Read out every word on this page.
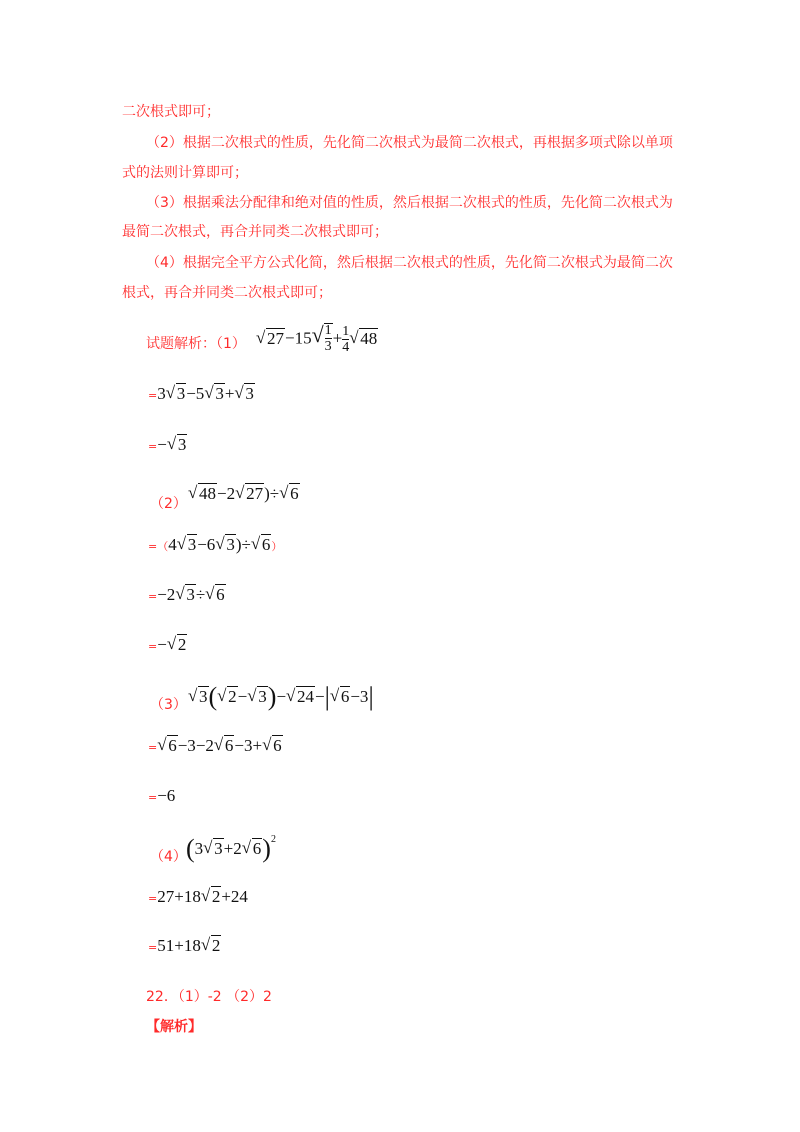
二次根式即可；
（2）根据二次根式的性质，先化简二次根式为最简二次根式，再根据多项式除以单项
式的法则计算即可；
（3）根据乘法分配律和绝对值的性质，然后根据二次根式的性质，先化简二次根式为
最简二次根式，再合并同类二次根式即可；
（4）根据完全平方公式化简，然后根据二次根式的性质，先化简二次根式为最简二次
根式，再合并同类二次根式即可；
试题解析：（1）	√ 27−15 √ $\frac{1}{3} + \frac{1}{4}$ √ 48
=3 √ 3−5 √ 3+ √ 3
=− √ 3
（2）
√ 48−2 √ 27)÷ √ 6
=（4 √ 3−6 √ 3)÷ √ 6）
=−2 √ 3÷ √ 6
=− √ 2
（3） √ 3( √ 2− √ 3)− √ 24−| √ 6−3|
= √ 6−3−2 √ 6−3+ √ 6
=−6
（4） (3 √ 3+2 √ 6)$^2$
=27+18 √ 2+24
=51+18 √ 2
22．（1）-2 （2）2
【解析】
